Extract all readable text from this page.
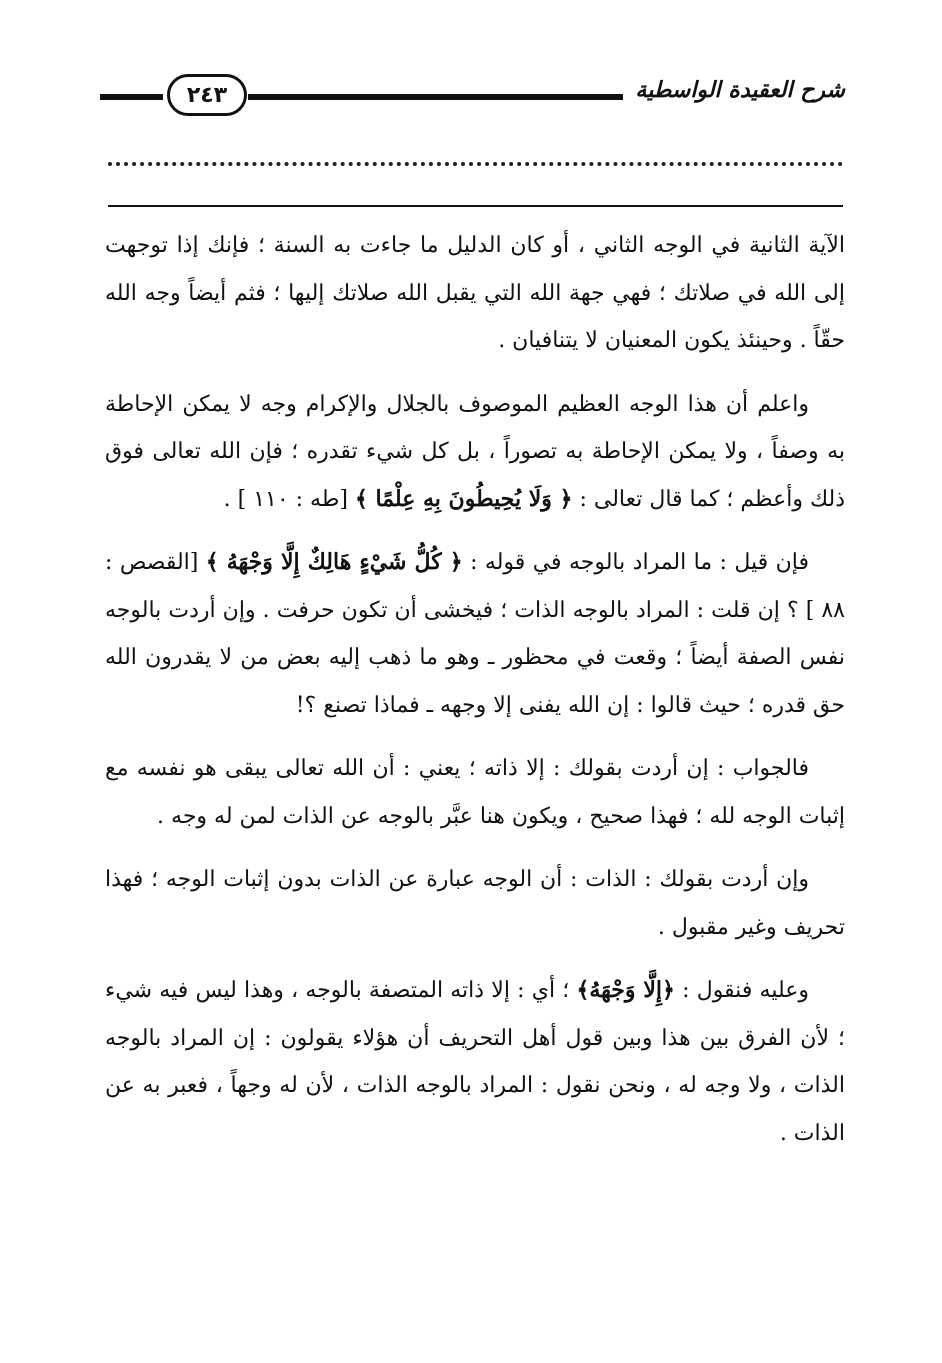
شرح العقيدة الواسطية
٢٤٣

الآية الثانية في الوجه الثاني ، أو كان الدليل ما جاءت به السنة ؛ فإنك إذا توجهت إلى الله في صلاتك ؛ فهي جهة الله التي يقبل الله صلاتك إليها ؛ فثم أيضاً وجه الله حقّاً . وحينئذ يكون المعنيان لا يتنافيان .

واعلم أن هذا الوجه العظيم الموصوف بالجلال والإكرام وجه لا يمكن الإحاطة به وصفاً ، ولا يمكن الإحاطة به تصوراً ، بل كل شيء تقدره ؛ فإن الله تعالى فوق ذلك وأعظم ؛ كما قال تعالى : ﴿ وَلَا يُحِيطُونَ بِهِ عِلْمًا ﴾ [طه : ١١٠ ] .

فإن قيل : ما المراد بالوجه في قوله : ﴿ كُلُّ شَيْءٍ هَالِكٌ إِلَّا وَجْهَهُ ﴾ [القصص : ٨٨ ] ؟ إن قلت : المراد بالوجه الذات ؛ فيخشى أن تكون حرفت . وإن أردت بالوجه نفس الصفة أيضاً ؛ وقعت في محظور ـ وهو ما ذهب إليه بعض من لا يقدرون الله حق قدره ؛ حيث قالوا : إن الله يفنى إلا وجهه ـ فماذا تصنع ؟!

فالجواب : إن أردت بقولك : إلا ذاته ؛ يعني : أن الله تعالى يبقى هو نفسه مع إثبات الوجه لله ؛ فهذا صحيح ، ويكون هنا عبَّر بالوجه عن الذات لمن له وجه .

وإن أردت بقولك : الذات : أن الوجه عبارة عن الذات بدون إثبات الوجه ؛ فهذا تحريف وغير مقبول .

وعليه فنقول : ﴿إِلَّا وَجْهَهُ﴾ ؛ أي : إلا ذاته المتصفة بالوجه ، وهذا ليس فيه شيء ؛ لأن الفرق بين هذا وبين قول أهل التحريف أن هؤلاء يقولون : إن المراد بالوجه الذات ، ولا وجه له ، ونحن نقول : المراد بالوجه الذات ، لأن له وجهاً ، فعبر به عن الذات .
